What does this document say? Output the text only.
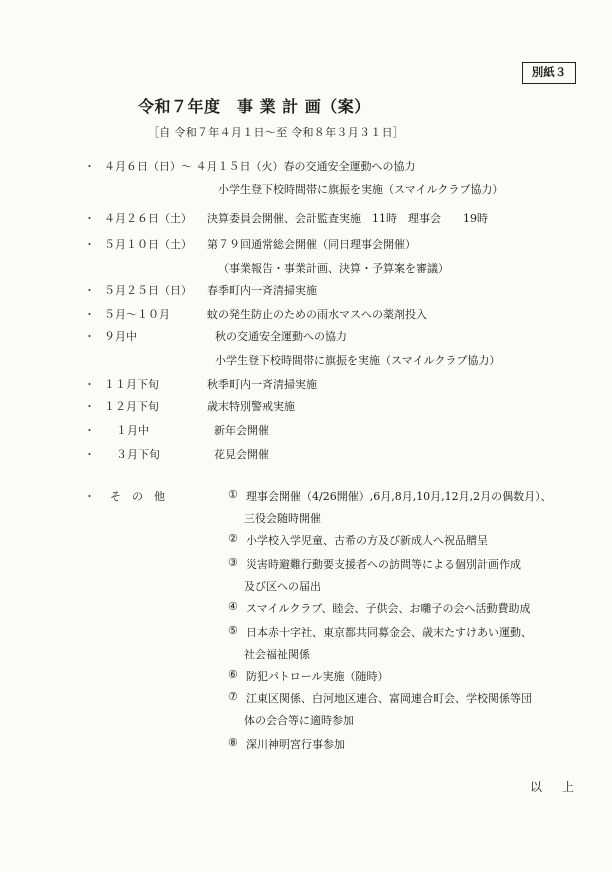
別紙３
令和７年度　事 業 計 画（案）
［自 令和７年４月１日～至 令和８年３月３１日］
・ ４月６日（日）～ ４月１５日（火）春の交通安全運動への協力
小学生登下校時間帯に旗振を実施（スマイルクラブ協力）
・ ４月２６日（土） 決算委員会開催、会計監査実施　11時　理事会　　19時
・ ５月１０日（土） 第７９回通常総会開催（同日理事会開催）
（事業報告・事業計画、決算・予算案を審議）
・ ５月２５日（日） 春季町内一斉清掃実施
・ ５月～１０月	蚊の発生防止のための雨水マスへの薬剤投入
・ ９月中	秋の交通安全運動への協力
小学生登下校時間帯に旗振を実施（スマイルクラブ協力）
・ １１月下旬	秋季町内一斉清掃実施
・ １２月下旬	歳末特別警戒実施
・ １月中	新年会開催
・ ３月下旬	花見会開催
・ そ　の　他	① 理事会開催（4/26開催）,6月,8月,10月,12月,2月の偶数月）、
三役会随時開催
② 小学校入学児童、古希の方及び新成人へ祝品贈呈
③ 災害時避難行動要支援者への訪問等による個別計画作成
及び区への届出
④ スマイルクラブ、睦会、子供会、お囃子の会へ活動費助成
⑤ 日本赤十字社、東京都共同募金会、歳末たすけあい運動、
社会福祉関係
⑥ 防犯パトロール実施（随時）
⑦ 江東区関係、白河地区連合、富岡連合町会、学校関係等団
体の会合等に適時参加
⑧ 深川神明宮行事参加
以　上
